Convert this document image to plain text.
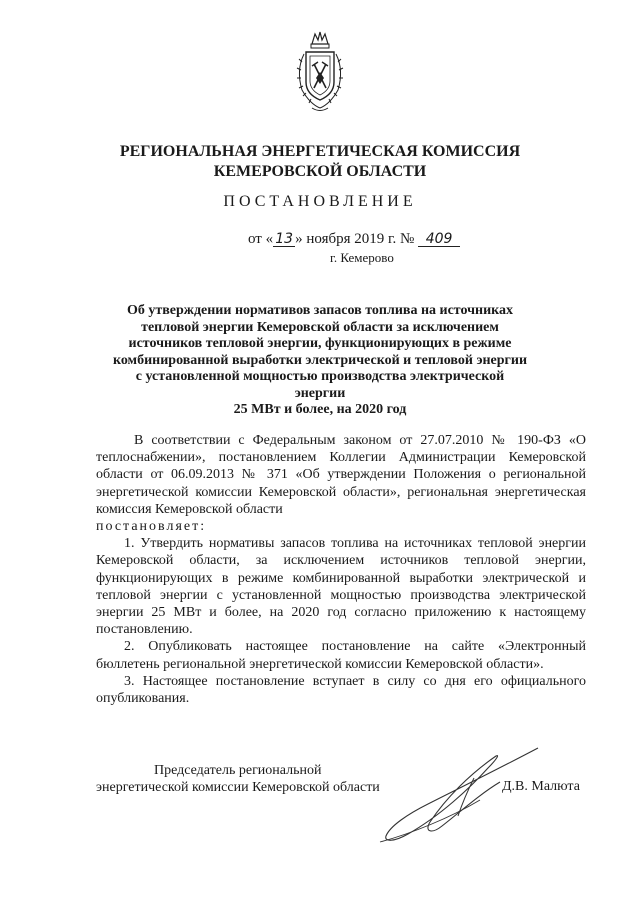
РЕГИОНАЛЬНАЯ ЭНЕРГЕТИЧЕСКАЯ КОМИССИЯ
КЕМЕРОВСКОЙ ОБЛАСТИ
ПОСТАНОВЛЕНИЕ
от « 13 » ноября 2019 г. № 409
г. Кемерово
Об утверждении нормативов запасов топлива на источниках
тепловой энергии Кемеровской области за исключением
источников тепловой энергии, функционирующих в режиме
комбинированной выработки электрической и тепловой энергии
с установленной мощностью производства электрической энергии
25 МВт и более, на 2020 год

В соответствии с Федеральным законом от 27.07.2010 № 190-ФЗ «О теплоснабжении», постановлением Коллегии Администрации Кемеровской области от 06.09.2013 № 371 «Об утверждении Положения о региональной энергетической комиссии Кемеровской области», региональная энергетическая комиссия Кемеровской области

постановляет:

1. Утвердить нормативы запасов топлива на источниках тепловой энергии Кемеровской области, за исключением источников тепловой энергии, функционирующих в режиме комбинированной выработки электрической и тепловой энергии с установленной мощностью производства электрической энергии 25 МВт и более, на 2020 год согласно приложению к настоящему постановлению.

2. Опубликовать настоящее постановление на сайте «Электронный бюллетень региональной энергетической комиссии Кемеровской области».

3. Настоящее постановление вступает в силу со дня его официального опубликования.

Председатель региональной
энергетической комиссии Кемеровской области	Д.В. Малюта
